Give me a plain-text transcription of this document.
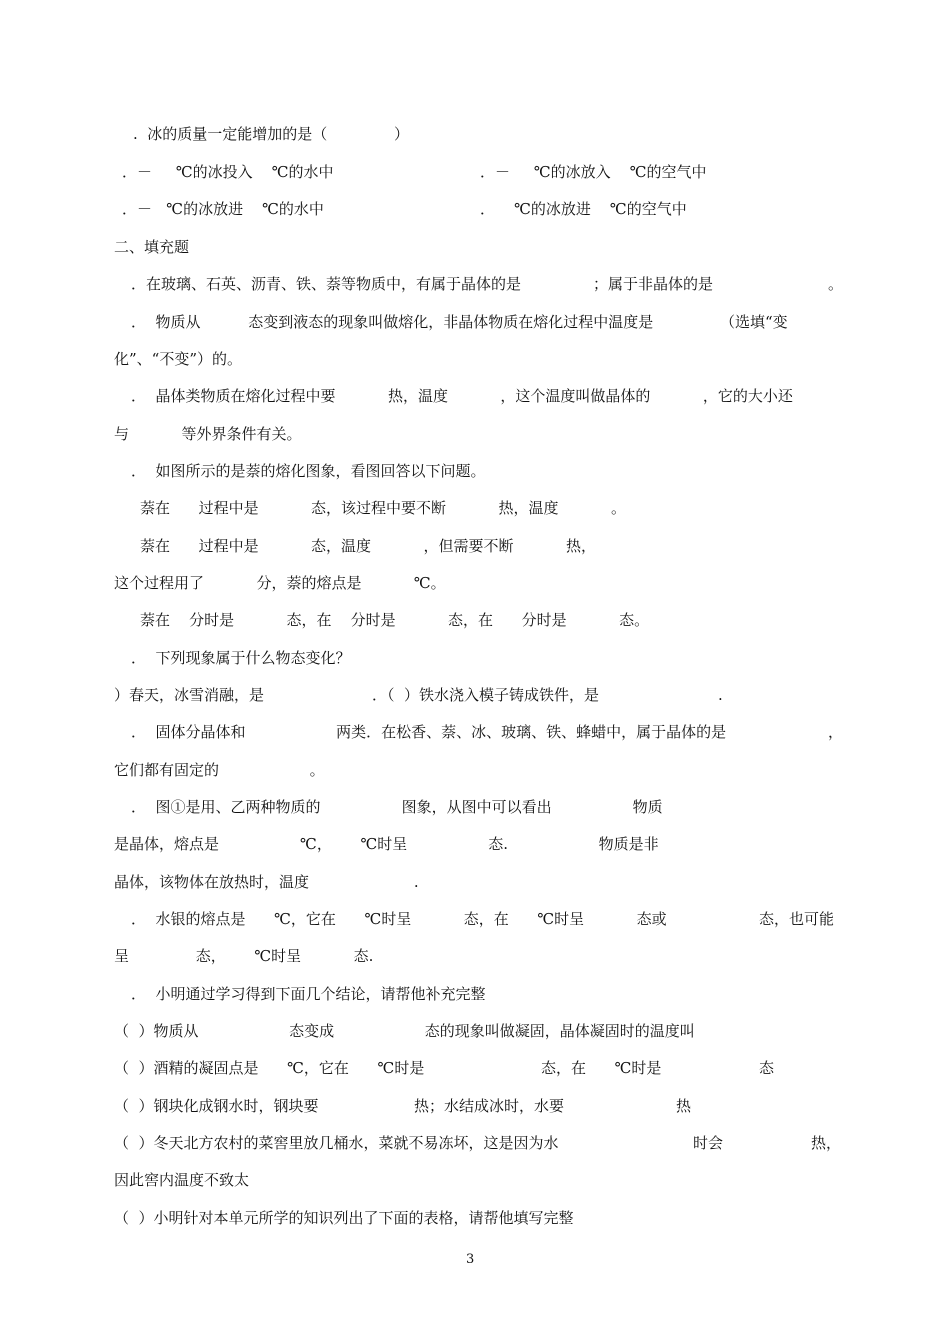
.  冰的质量一定能增加的是（              ）
．－     ℃的冰投入    ℃的水中	．－     ℃的冰放入    ℃的空气中
．－   ℃的冰放进    ℃的水中	．    ℃的冰放进    ℃的空气中
二、填充题
．在玻璃、石英、沥青、铁、萘等物质中，有属于晶体的是	；属于非晶体的是	。
．  物质从          态变到液态的现象叫做熔化，非晶体物质在熔化过程中温度是              （选填“变
化”、“不变”）的。
．  晶体类物质在熔化过程中要           热，温度           ，这个温度叫做晶体的           ，它的大小还
与           等外界条件有关。
．  如图所示的是萘的熔化图象，看图回答以下问题。
萘在      过程中是           态，该过程中要不断           热，温度           。
萘在      过程中是           态，温度           ，但需要不断           热，
这个过程用了           分，萘的熔点是           ℃。
萘在    分时是           态，在    分时是           态，在      分时是           态。
．  下列现象属于什么物态变化？
）春天，冰雪消融，是	．（  ）铁水浇入模子铸成铁件，是	.
．  固体分晶体和                   两类．在松香、萘、冰、玻璃、铁、蜂蜡中，属于晶体的是	，
它们都有固定的                   。
．  图①是用、乙两种物质的                 图象，从图中可以看出                 物质
是晶体，熔点是                 ℃，      ℃时呈                 态.                   物质是非
晶体，该物体在放热时，温度                      .
．  水银的熔点是      ℃，它在      ℃时呈           态，在      ℃时呈           态或	态，也可能
呈              态，      ℃时呈           态.
．  小明通过学习得到下面几个结论，请帮他补充完整
（  ）物质从                   态变成                   态的现象叫做凝固，晶体凝固时的温度叫
（  ）酒精的凝固点是      ℃，它在      ℃时是	态，在      ℃时是	态
（  ）钢块化成钢水时，钢块要	热；水结成冰时，水要	热
（  ）冬天北方农村的菜窖里放几桶水，菜就不易冻坏，这是因为水	时会	热，
因此窖内温度不致太
（  ）小明针对本单元所学的知识列出了下面的表格，请帮他填写完整
3
